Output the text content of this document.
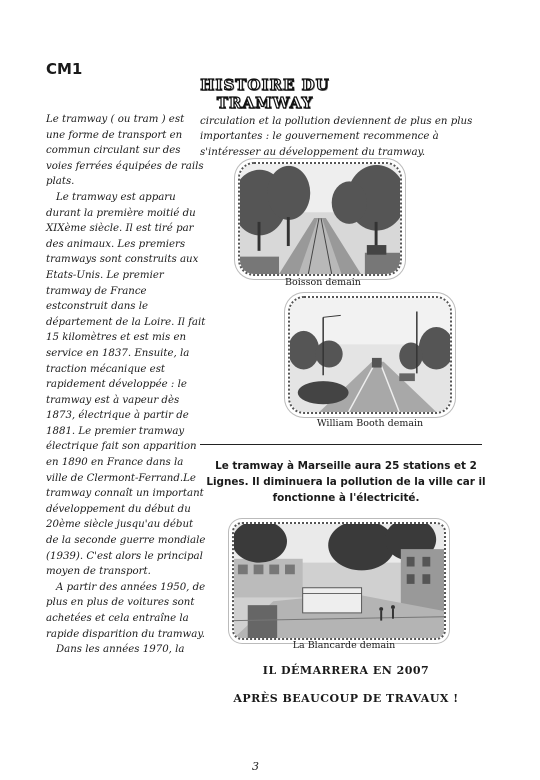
CM1
HISTOIRE DU TRAMWAY

Le tramway ( ou tram ) est une forme de transport en commun circulant sur des voies ferrées équipées de rails plats.

Le tramway est apparu durant la première moitié du XIXème siècle. Il est tiré par des animaux. Les premiers tramways sont construits aux Etats-Unis. Le premier tramway de France estconstruit dans le département de la Loire. Il fait 15 kilomètres et est mis en service en 1837. Ensuite, la traction mécanique est rapidement développée : le tramway est à vapeur dès 1873, électrique à partir de 1881. Le premier tramway électrique fait son apparition en 1890 en France dans la ville de Clermont-Ferrand.Le tramway connaît un important développement du début du 20ème siècle jusqu'au début de la seconde guerre mondiale (1939). C'est alors le principal moyen de transport.

A partir des années 1950, de plus en plus de voitures sont achetées et cela entraîne la rapide disparition du tramway.

Dans les années 1970, la

circulation et la pollution deviennent de plus en plus importantes : le gouvernement recommence à s'intéresser au développement du tramway.
Boisson demain
William Booth demain
Le tramway à Marseille aura 25 stations et 2 Lignes. Il diminuera la pollution de la ville car il fonctionne à l'électricité.
La Blancarde demain
IL DÉMARRERA EN 2007
APRÈS BEAUCOUP DE TRAVAUX !
3
